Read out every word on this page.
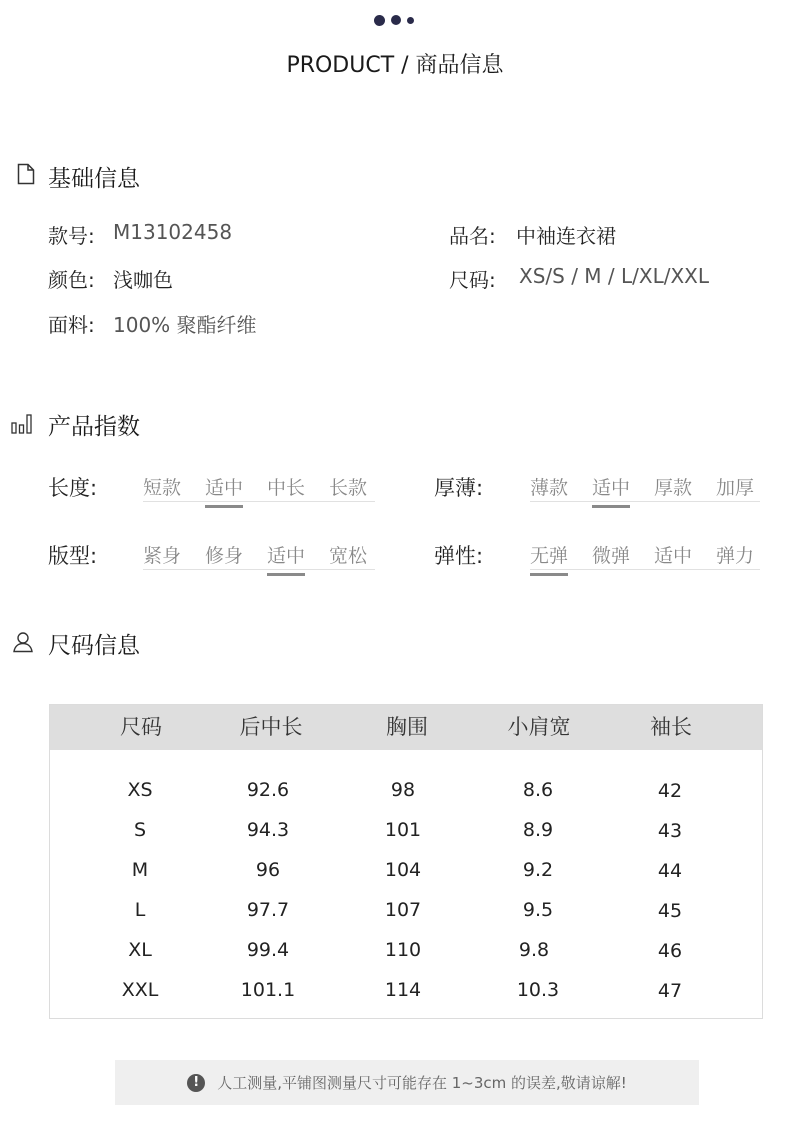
PRODUCT / 商品信息
基础信息
款号: M13102458	品名: 中袖连衣裙
颜色: 浅咖色	尺码: XS/S / M / L/XL/XXL
面料: 100% 聚酯纤维
产品指数
长度: 短款	适中	中长	长款	厚薄: 薄款	适中	厚款	加厚
版型: 紧身	修身	适中	宽松	弹性: 无弹	微弹	适中	弹力
尺码信息
尺码	后中长	胸围	小肩宽	袖长
XS	92.6	98	8.6	42
S	94.3	101	8.9	43
M	96	104	9.2	44
L	97.7	107	9.5	45
XL	99.4	110	9.8	46
XXL	101.1	114	10.3	47
!	人工测量,平铺图测量尺寸可能存在 1~3cm 的误差,敬请谅解!
